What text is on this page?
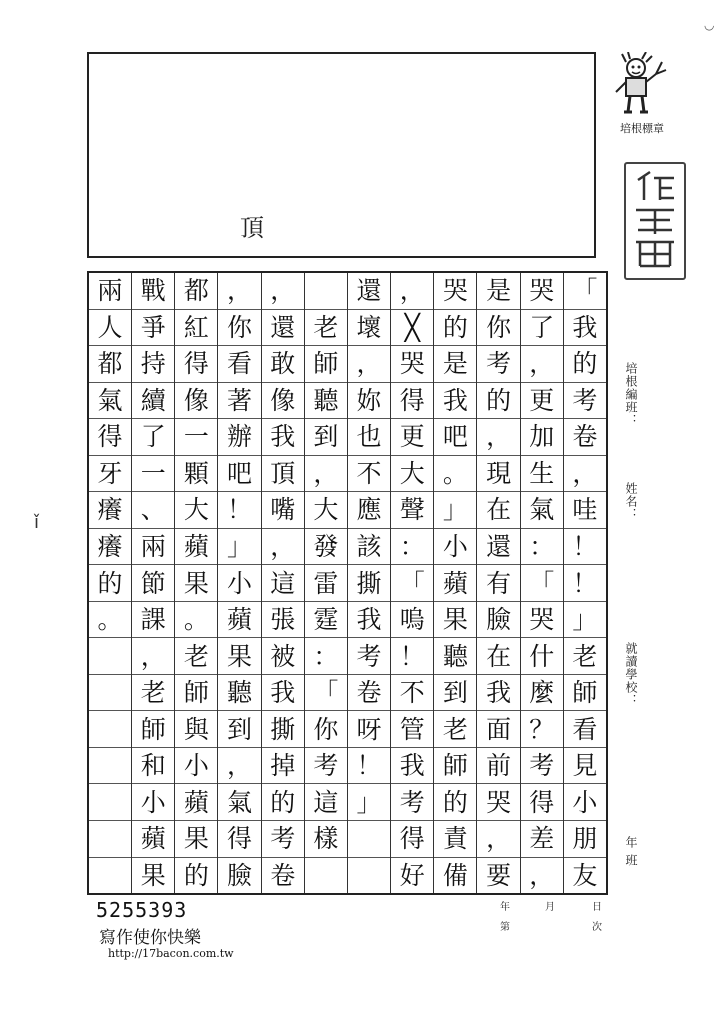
頂
◡
培根標章
「
我
的
考
卷
，
哇
！
！
」
老
師
看
見
小
朋
友
哭
了
，
更
加
生
氣
：
「
哭
什
麼
？
考
得
差
，
是
你
考
的
，
現
在
還
有
臉
在
我
面
前
哭
，
要
哭
的
是
我
吧
。
」
小
蘋
果
聽
到
老
師
的
責
備
，
╳
哭
得
更
大
聲
：
「
嗚
！
不
管
我
考
得
好
還
壞
，
妳
也
不
應
該
撕
我
考
卷
呀
！
」
老
師
聽
到
，
大
發
雷
霆
：
「
你
考
這
樣
，
還
敢
像
我
頂
嘴
，
這
張
被
我
撕
掉
的
考
卷
，
你
看
著
辦
吧
！
」
小
蘋
果
聽
到
，
氣
得
臉
都
紅
得
像
一
顆
大
蘋
果
。
老
師
與
小
蘋
果
的
戰
爭
持
續
了
一
、
兩
節
課
，
老
師
和
小
蘋
果
兩
人
都
氣
得
牙
癢
癢
的
。
培根編班：
姓名：
就讀學校：
年 班
年	月	日
第	次
5255393
寫作使你快樂
http://17bacon.com.tw
ǐ
